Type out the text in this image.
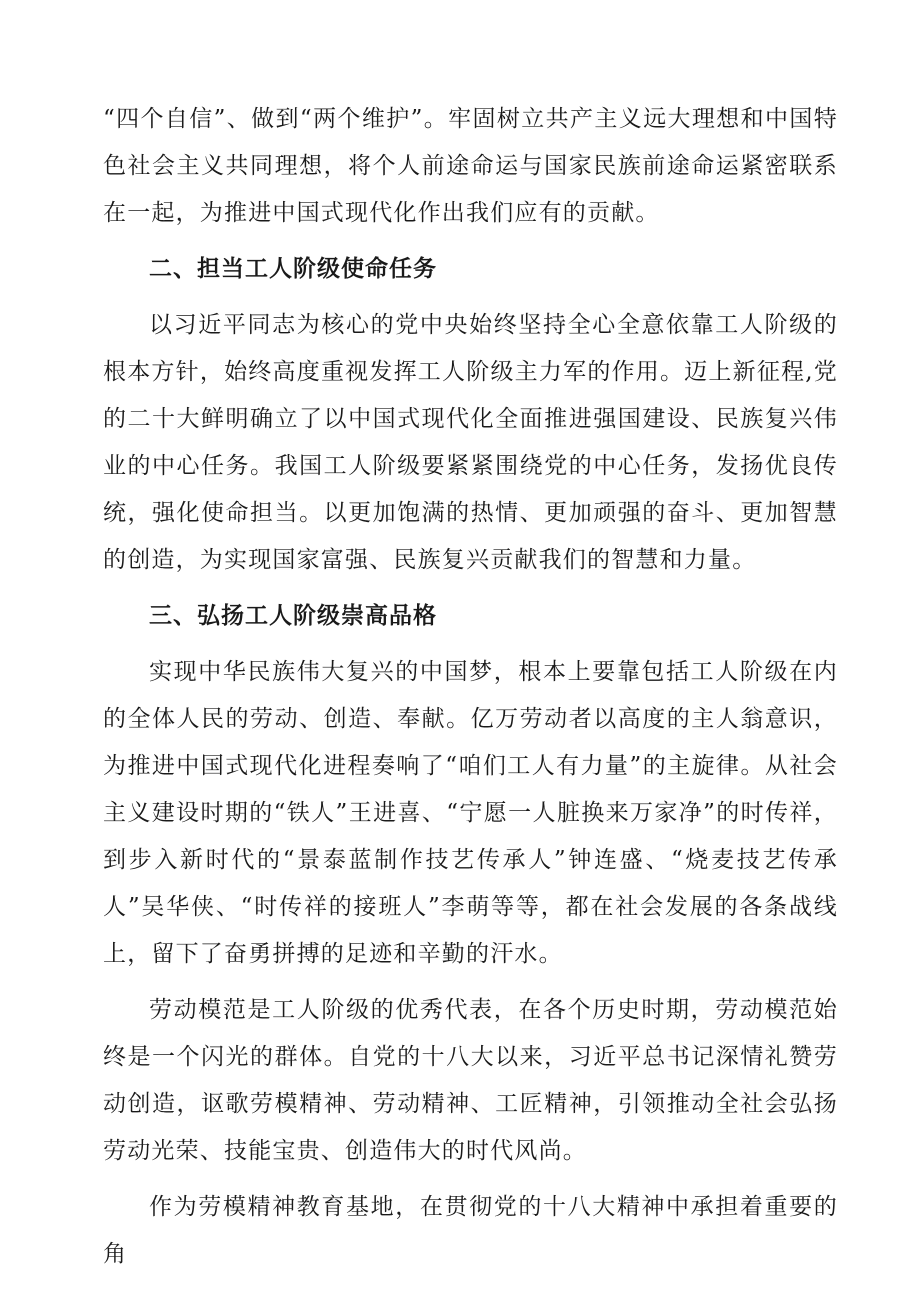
“四个自信”、做到“两个维护”。牢固树立共产主义远大理想和中国特色社会主义共同理想，将个人前途命运与国家民族前途命运紧密联系在一起，为推进中国式现代化作出我们应有的贡献。

二、担当工人阶级使命任务

以习近平同志为核心的党中央始终坚持全心全意依靠工人阶级的根本方针，始终高度重视发挥工人阶级主力军的作用。迈上新征程,党的二十大鲜明确立了以中国式现代化全面推进强国建设、民族复兴伟业的中心任务。我国工人阶级要紧紧围绕党的中心任务，发扬优良传统，强化使命担当。以更加饱满的热情、更加顽强的奋斗、更加智慧的创造，为实现国家富强、民族复兴贡献我们的智慧和力量。

三、弘扬工人阶级崇高品格

实现中华民族伟大复兴的中国梦，根本上要靠包括工人阶级在内的全体人民的劳动、创造、奉献。亿万劳动者以高度的主人翁意识，为推进中国式现代化进程奏响了“咱们工人有力量”的主旋律。从社会主义建设时期的“铁人”王进喜、“宁愿一人脏换来万家净”的时传祥，到步入新时代的“景泰蓝制作技艺传承人”钟连盛、“烧麦技艺传承人”吴华侠、“时传祥的接班人”李萌等等，都在社会发展的各条战线上，留下了奋勇拼搏的足迹和辛勤的汗水。

劳动模范是工人阶级的优秀代表，在各个历史时期，劳动模范始终是一个闪光的群体。自党的十八大以来，习近平总书记深情礼赞劳动创造，讴歌劳模精神、劳动精神、工匠精神，引领推动全社会弘扬劳动光荣、技能宝贵、创造伟大的时代风尚。

作为劳模精神教育基地，在贯彻党的十八大精神中承担着重要的角
